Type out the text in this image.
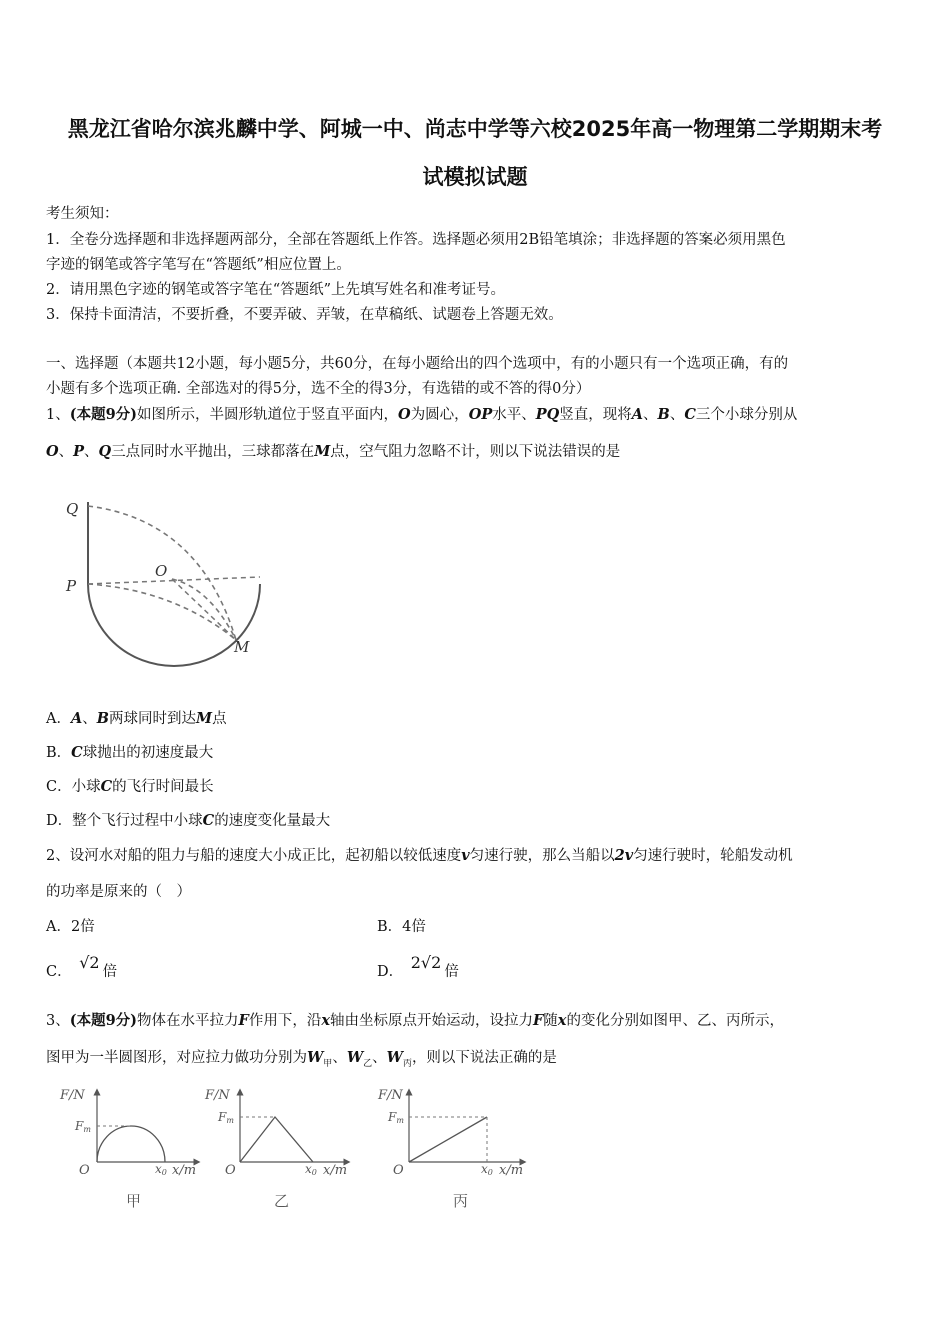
黑龙江省哈尔滨兆麟中学、阿城一中、尚志中学等六校2025年高一物理第二学期期末考
试模拟试题
考生须知：
1．全卷分选择题和非选择题两部分，全部在答题纸上作答。选择题必须用2B铅笔填涂；非选择题的答案必须用黑色
字迹的钢笔或答字笔写在“答题纸”相应位置上。
2．请用黑色字迹的钢笔或答字笔在“答题纸”上先填写姓名和准考证号。
3．保持卡面清洁，不要折叠，不要弄破、弄皱，在草稿纸、试题卷上答题无效。
一、选择题（本题共12小题，每小题5分，共60分，在每小题给出的四个选项中，有的小题只有一个选项正确，有的
小题有多个选项正确. 全部选对的得5分，选不全的得3分，有选错的或不答的得0分）
1、(本题9分)如图所示，半圆形轨道位于竖直平面内，O为圆心，OP水平、PQ竖直，现将A、B、C三个小球分别从
O、P、Q三点同时水平抛出，三球都落在M点，空气阻力忽略不计，则以下说法错误的是
Q
P
O
M
A．A、B两球同时到达M点
B．C球抛出的初速度最大
C．小球C的飞行时间最长
D．整个飞行过程中小球C的速度变化量最大
2、设河水对船的阻力与船的速度大小成正比，起初船以较低速度v匀速行驶，那么当船以2v匀速行驶时，轮船发动机
的功率是原来的（　）
A．2倍	B．4倍
C． √2 倍	D． 2√2 倍
3、(本题9分)物体在水平拉力F作用下，沿x轴由坐标原点开始运动，设拉力F随x的变化分别如图甲、乙、丙所示，
图甲为一半圆图形，对应拉力做功分别为$W_甲$、$W_乙$、$W_丙$，则以下说法正确的是
F/N
Fm
O	x0 x/m
甲
F/N
Fm
O	x0 x/m
乙
F/N
Fm
O	x0 x/m
丙
